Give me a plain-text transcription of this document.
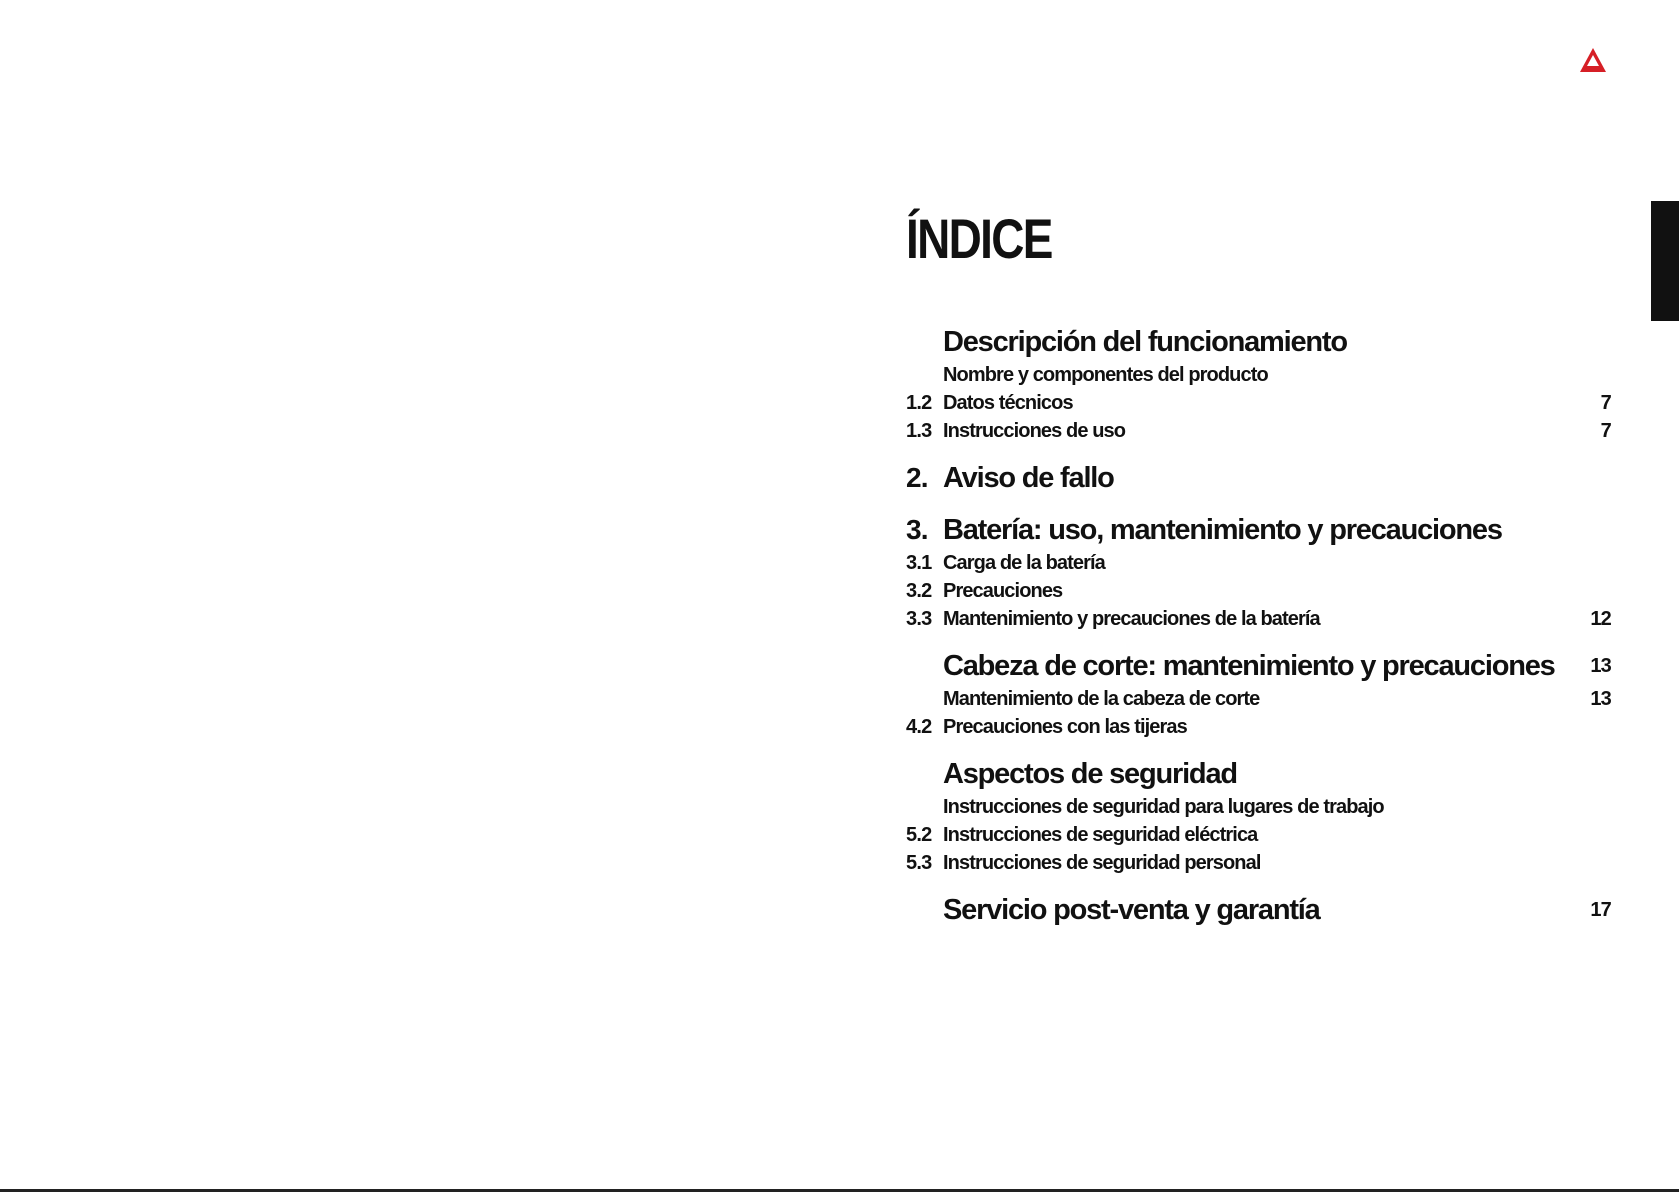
ÍNDICE
Descripción del funcionamiento
Nombre y componentes del producto
1.2 Datos técnicos	7
1.3 Instrucciones de uso	7
2. Aviso de fallo
3. Batería: uso, mantenimiento y precauciones
3.1 Carga de la batería
3.2 Precauciones
3.3 Mantenimiento y precauciones de la batería	12
Cabeza de corte: mantenimiento y precauciones	13
Mantenimiento de la cabeza de corte	13
4.2 Precauciones con las tijeras
Aspectos de seguridad
Instrucciones de seguridad para lugares de trabajo
5.2 Instrucciones de seguridad eléctrica
5.3 Instrucciones de seguridad personal
Servicio post-venta y garantía	17
